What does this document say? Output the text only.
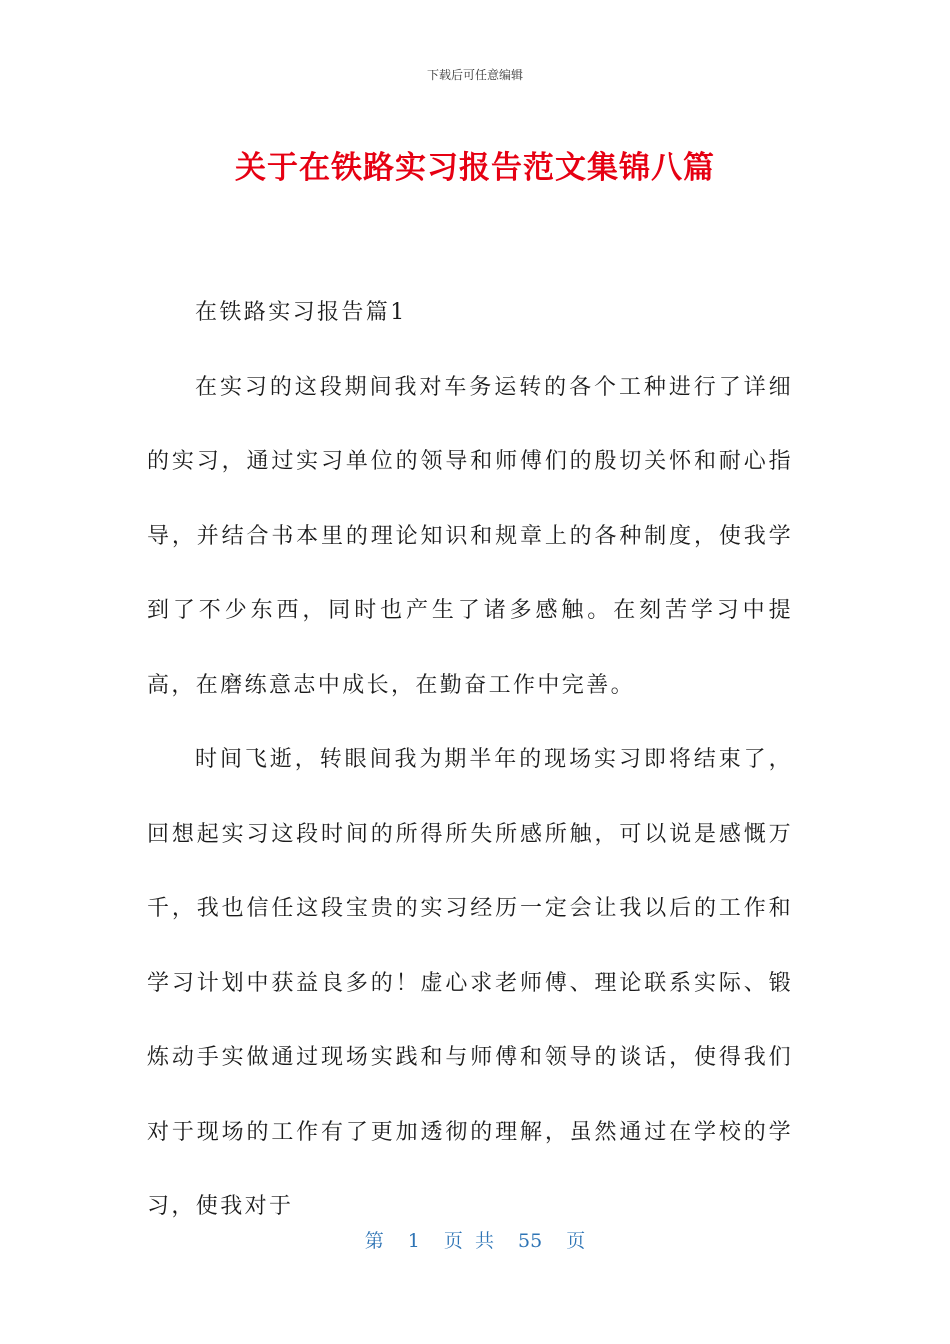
下载后可任意编辑
关于在铁路实习报告范文集锦八篇

在铁路实习报告篇1

在实习的这段期间我对车务运转的各个工种进行了详细的实习，通过实习单位的领导和师傅们的殷切关怀和耐心指导，并结合书本里的理论知识和规章上的各种制度，使我学到了不少东西，同时也产生了诸多感触。在刻苦学习中提高，在磨练意志中成长，在勤奋工作中完善。

时间飞逝，转眼间我为期半年的现场实习即将结束了，回想起实习这段时间的所得所失所感所触，可以说是感慨万千，我也信任这段宝贵的实习经历一定会让我以后的工作和学习计划中获益良多的！虚心求老师傅、理论联系实际、锻炼动手实做通过现场实践和与师傅和领导的谈话，使得我们对于现场的工作有了更加透彻的理解，虽然通过在学校的学习，使我对于

第 1 页 共 55 页
